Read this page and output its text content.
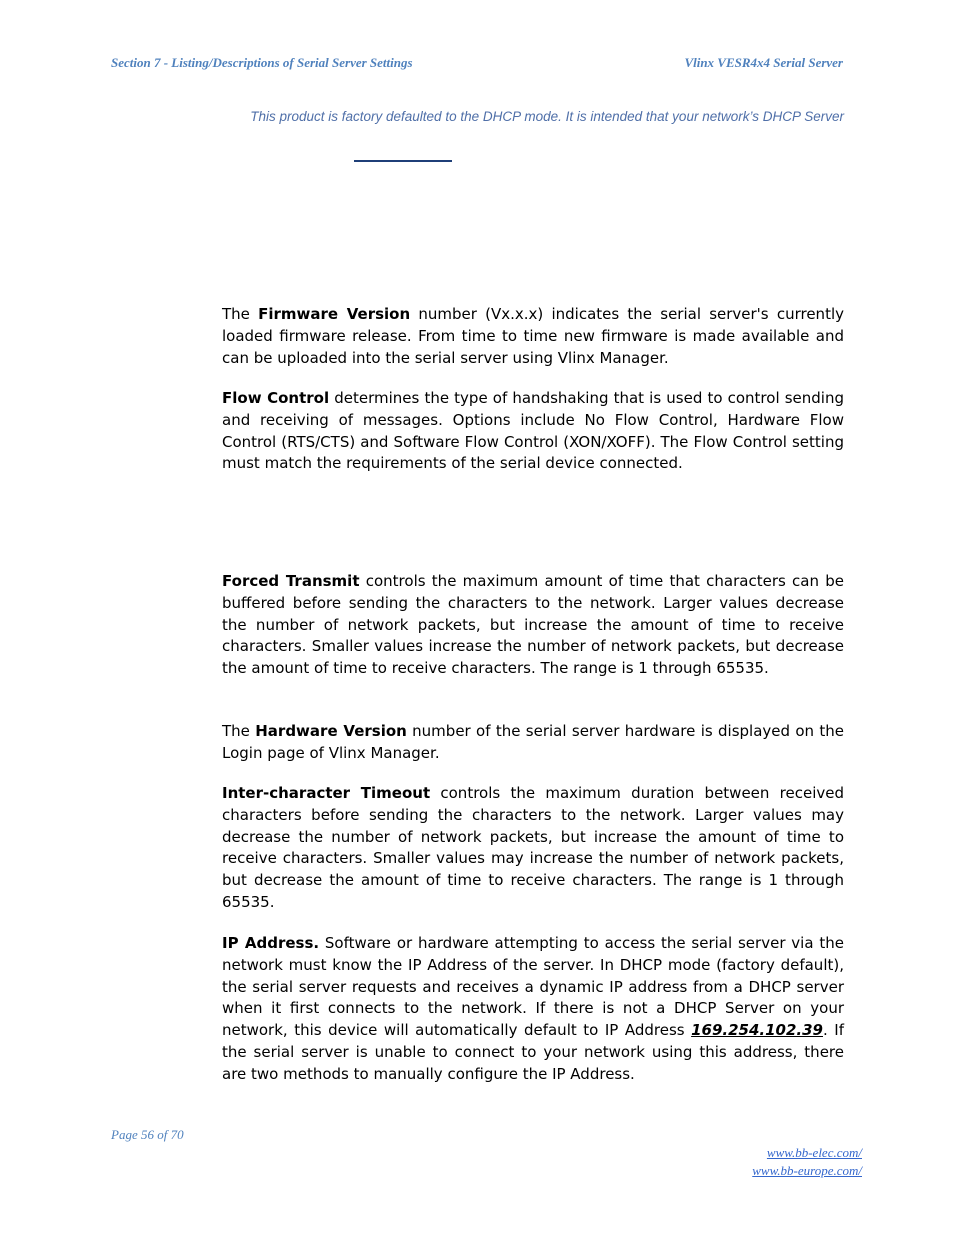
Section 7 - Listing/Descriptions of Serial Server Settings	Vlinx VESR4x4 Serial Server
This product is factory defaulted to the DHCP mode. It is intended that your network’s DHCP Server
The Firmware Version number (Vx.x.x) indicates the serial server's currently loaded firmware release. From time to time new firmware is made available and can be uploaded into the serial server using Vlinx Manager.
Flow Control determines the type of handshaking that is used to control sending and receiving of messages. Options include No Flow Control, Hardware Flow Control (RTS/CTS) and Software Flow Control (XON/XOFF). The Flow Control setting must match the requirements of the serial device connected.
Forced Transmit controls the maximum amount of time that characters can be buffered before sending the characters to the network. Larger values decrease the number of network packets, but increase the amount of time to receive characters. Smaller values increase the number of network packets, but decrease the amount of time to receive characters. The range is 1 through 65535.
The Hardware Version number of the serial server hardware is displayed on the Login page of Vlinx Manager.
Inter-character Timeout controls the maximum duration between received characters before sending the characters to the network. Larger values may decrease the number of network packets, but increase the amount of time to receive characters. Smaller values may increase the number of network packets, but decrease the amount of time to receive characters. The range is 1 through 65535.
IP Address. Software or hardware attempting to access the serial server via the network must know the IP Address of the server. In DHCP mode (factory default), the serial server requests and receives a dynamic IP address from a DHCP server when it first connects to the network. If there is not a DHCP Server on your network, this device will automatically default to IP Address 169.254.102.39. If the serial server is unable to connect to your network using this address, there are two methods to manually configure the IP Address.
Page 56 of 70
www.bb-elec.com/
www.bb-europe.com/
